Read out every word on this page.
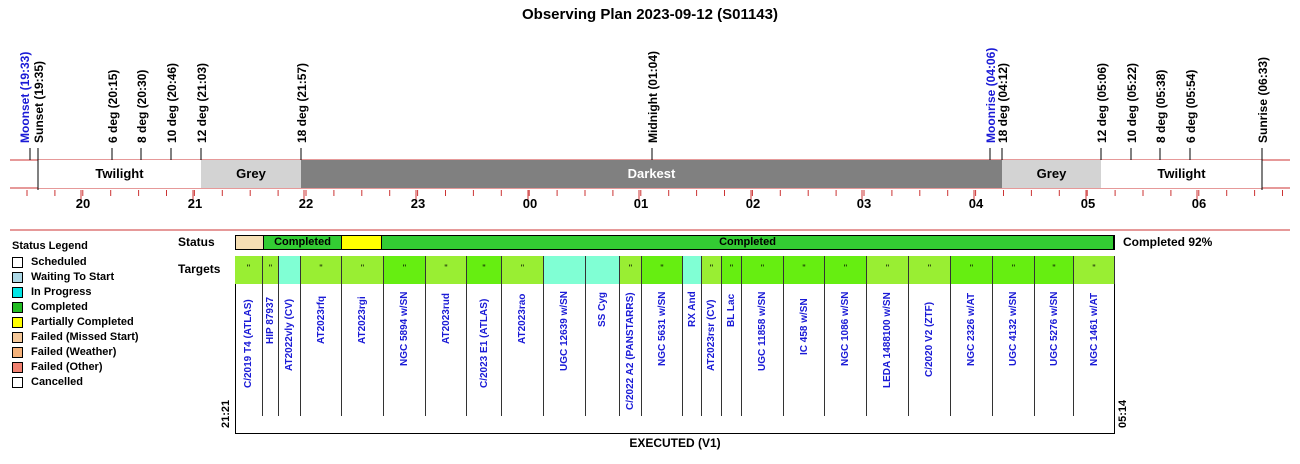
Observing Plan 2023-09-12 (S01143)
Moonset (19:33) Sunset (19:35)	6 deg (20:15) 8 deg (20:30) 10 deg (20:46) 12 deg (21:03)	18 deg (21:57)	Midnight (01:04)	Moonrise (04:06)
18 deg (04:12)	12 deg (05:06) 10 deg (05:22) 8 deg (05:38) 6 deg (05:54)	Sunrise (06:33)
Twilight	Grey	Darkest	Grey	Twilight
20	21	22	23	00	01	02	03	04	05	06
Status Legend
Scheduled
Waiting To Start
In Progress
Completed
Partially Completed
Failed (Missed Start)
Failed (Weather)
Failed (Other)
Cancelled
Status
Targets
Completed	Completed	Completed 92%
"
C/2019 T4 (ATLAS)
"
HIP 87937 AT2022vly (CV)
"
AT2023rfq
"
AT2023rgi
"
NGC 5894 w/SN
"
AT2023rud
"
C/2023 E1 (ATLAS)
"
AT2023rao	UGC 12639 w/SN	SS Cyg
"
C/2022 A2 (PANSTARRS)
"
NGC 5631 w/SN RX And
"
AT2023rsr (CV)
"
BL Lac
"
UGC 11858 w/SN
"
IC 458 w/SN
"
NGC 1086 w/SN
"
LEDA 1488100 w/SN
"
C/2020 V2 (ZTF)
"
NGC 2326 w/AT
"
UGC 4132 w/SN
"
UGC 5276 w/SN
"
NGC 1461 w/AT
21:21	05:14
EXECUTED (V1)
